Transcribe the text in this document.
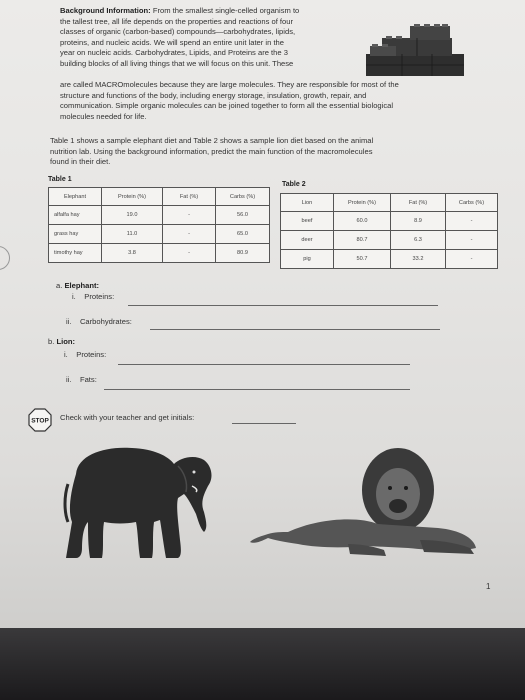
Background Information: From the smallest single-celled organism to
the tallest tree, all life depends on the properties and reactions of four
classes of organic (carbon-based) compounds—carbohydrates, lipids,
proteins, and nucleic acids. We will spend an entire unit later in the
year on nucleic acids. Carbohydrates, Lipids, and Proteins are the 3
building blocks of all living things that we will focus on this unit. These
are called MACROmolecules because they are large molecules. They are responsible for most of the
structure and functions of the body, including energy storage, insulation, growth, repair, and
communication. Simple organic molecules can be joined together to form all the essential biological
molecules needed for life.
Table 1 shows a sample elephant diet and Table 2 shows a sample lion diet based on the animal
nutrition lab. Using the background information, predict the main function of the macromolecules
found in their diet.
Table 1
Elephant	Protein (%)	Fat (%)	Carbs (%)
alfalfa hay	19.0	-	56.0
grass hay	11.0	-	65.0
timothy hay	3.8	-	80.9
Table 2
Lion	Protein (%)	Fat (%)	Carbs (%)
beef	60.0	8.9	-
deer	80.7	6.3	-
pig	50.7	33.2	-
a. Elephant:
i. Proteins:
ii. Carbohydrates:
b. Lion:
i. Proteins:
ii. Fats:
STOP Check with your teacher and get initials:
1
